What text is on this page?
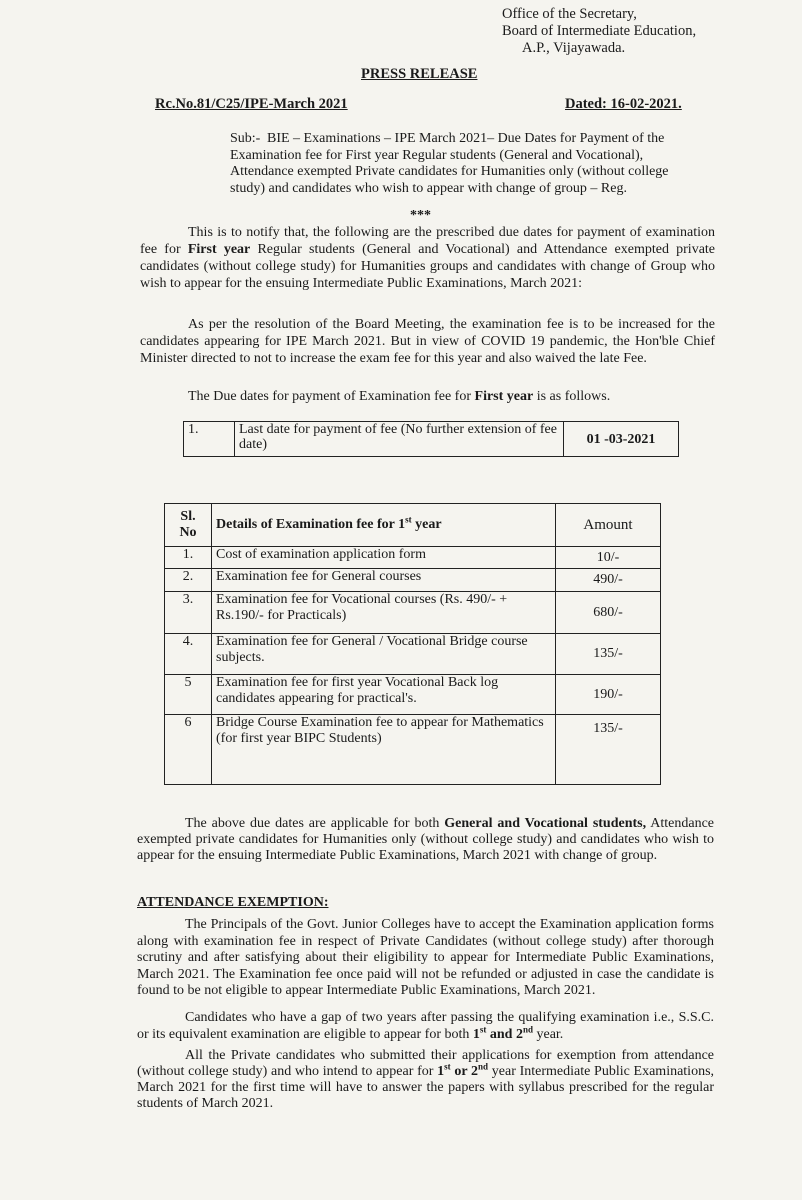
Office of the Secretary,
Board of Intermediate Education,
A.P., Vijayawada.
PRESS RELEASE
Rc.No.81/C25/IPE-March 2021	Dated: 16-02-2021.
Sub:- BIE – Examinations – IPE March 2021– Due Dates for Payment of the Examination fee for First year Regular students (General and Vocational), Attendance exempted Private candidates for Humanities only (without college study) and candidates who wish to appear with change of group – Reg.
***
This is to notify that, the following are the prescribed due dates for payment of examination fee for First year Regular students (General and Vocational) and Attendance exempted private candidates (without college study) for Humanities groups and candidates with change of Group who wish to appear for the ensuing Intermediate Public Examinations, March 2021:
As per the resolution of the Board Meeting, the examination fee is to be increased for the candidates appearing for IPE March 2021. But in view of COVID 19 pandemic, the Hon'ble Chief Minister directed to not to increase the exam fee for this year and also waived the late Fee.
The Due dates for payment of Examination fee for First year is as follows.
1.	Last date for payment of fee (No further extension of fee date)	01 -03-2021
Sl.
No	Details of Examination fee for 1st year	Amount
1.	Cost of examination application form	10/-
2.	Examination fee for General courses	490/-
3.	Examination fee for Vocational courses (Rs. 490/- + Rs.190/- for Practicals)	680/-
4.	Examination fee for General / Vocational Bridge course subjects.	135/-
5	Examination fee for first year Vocational Back log candidates appearing for practical's.	190/-
6	Bridge Course Examination fee to appear for Mathematics (for first year BIPC Students)	135/-
The above due dates are applicable for both General and Vocational students, Attendance exempted private candidates for Humanities only (without college study) and candidates who wish to appear for the ensuing Intermediate Public Examinations, March 2021 with change of group.
ATTENDANCE EXEMPTION:
The Principals of the Govt. Junior Colleges have to accept the Examination application forms along with examination fee in respect of Private Candidates (without college study) after thorough scrutiny and after satisfying about their eligibility to appear for Intermediate Public Examinations, March 2021. The Examination fee once paid will not be refunded or adjusted in case the candidate is found to be not eligible to appear Intermediate Public Examinations, March 2021.
Candidates who have a gap of two years after passing the qualifying examination i.e., S.S.C. or its equivalent examination are eligible to appear for both 1st and 2nd year.
All the Private candidates who submitted their applications for exemption from attendance (without college study) and who intend to appear for 1st or 2nd year Intermediate Public Examinations, March 2021 for the first time will have to answer the papers with syllabus prescribed for the regular students of March 2021.
